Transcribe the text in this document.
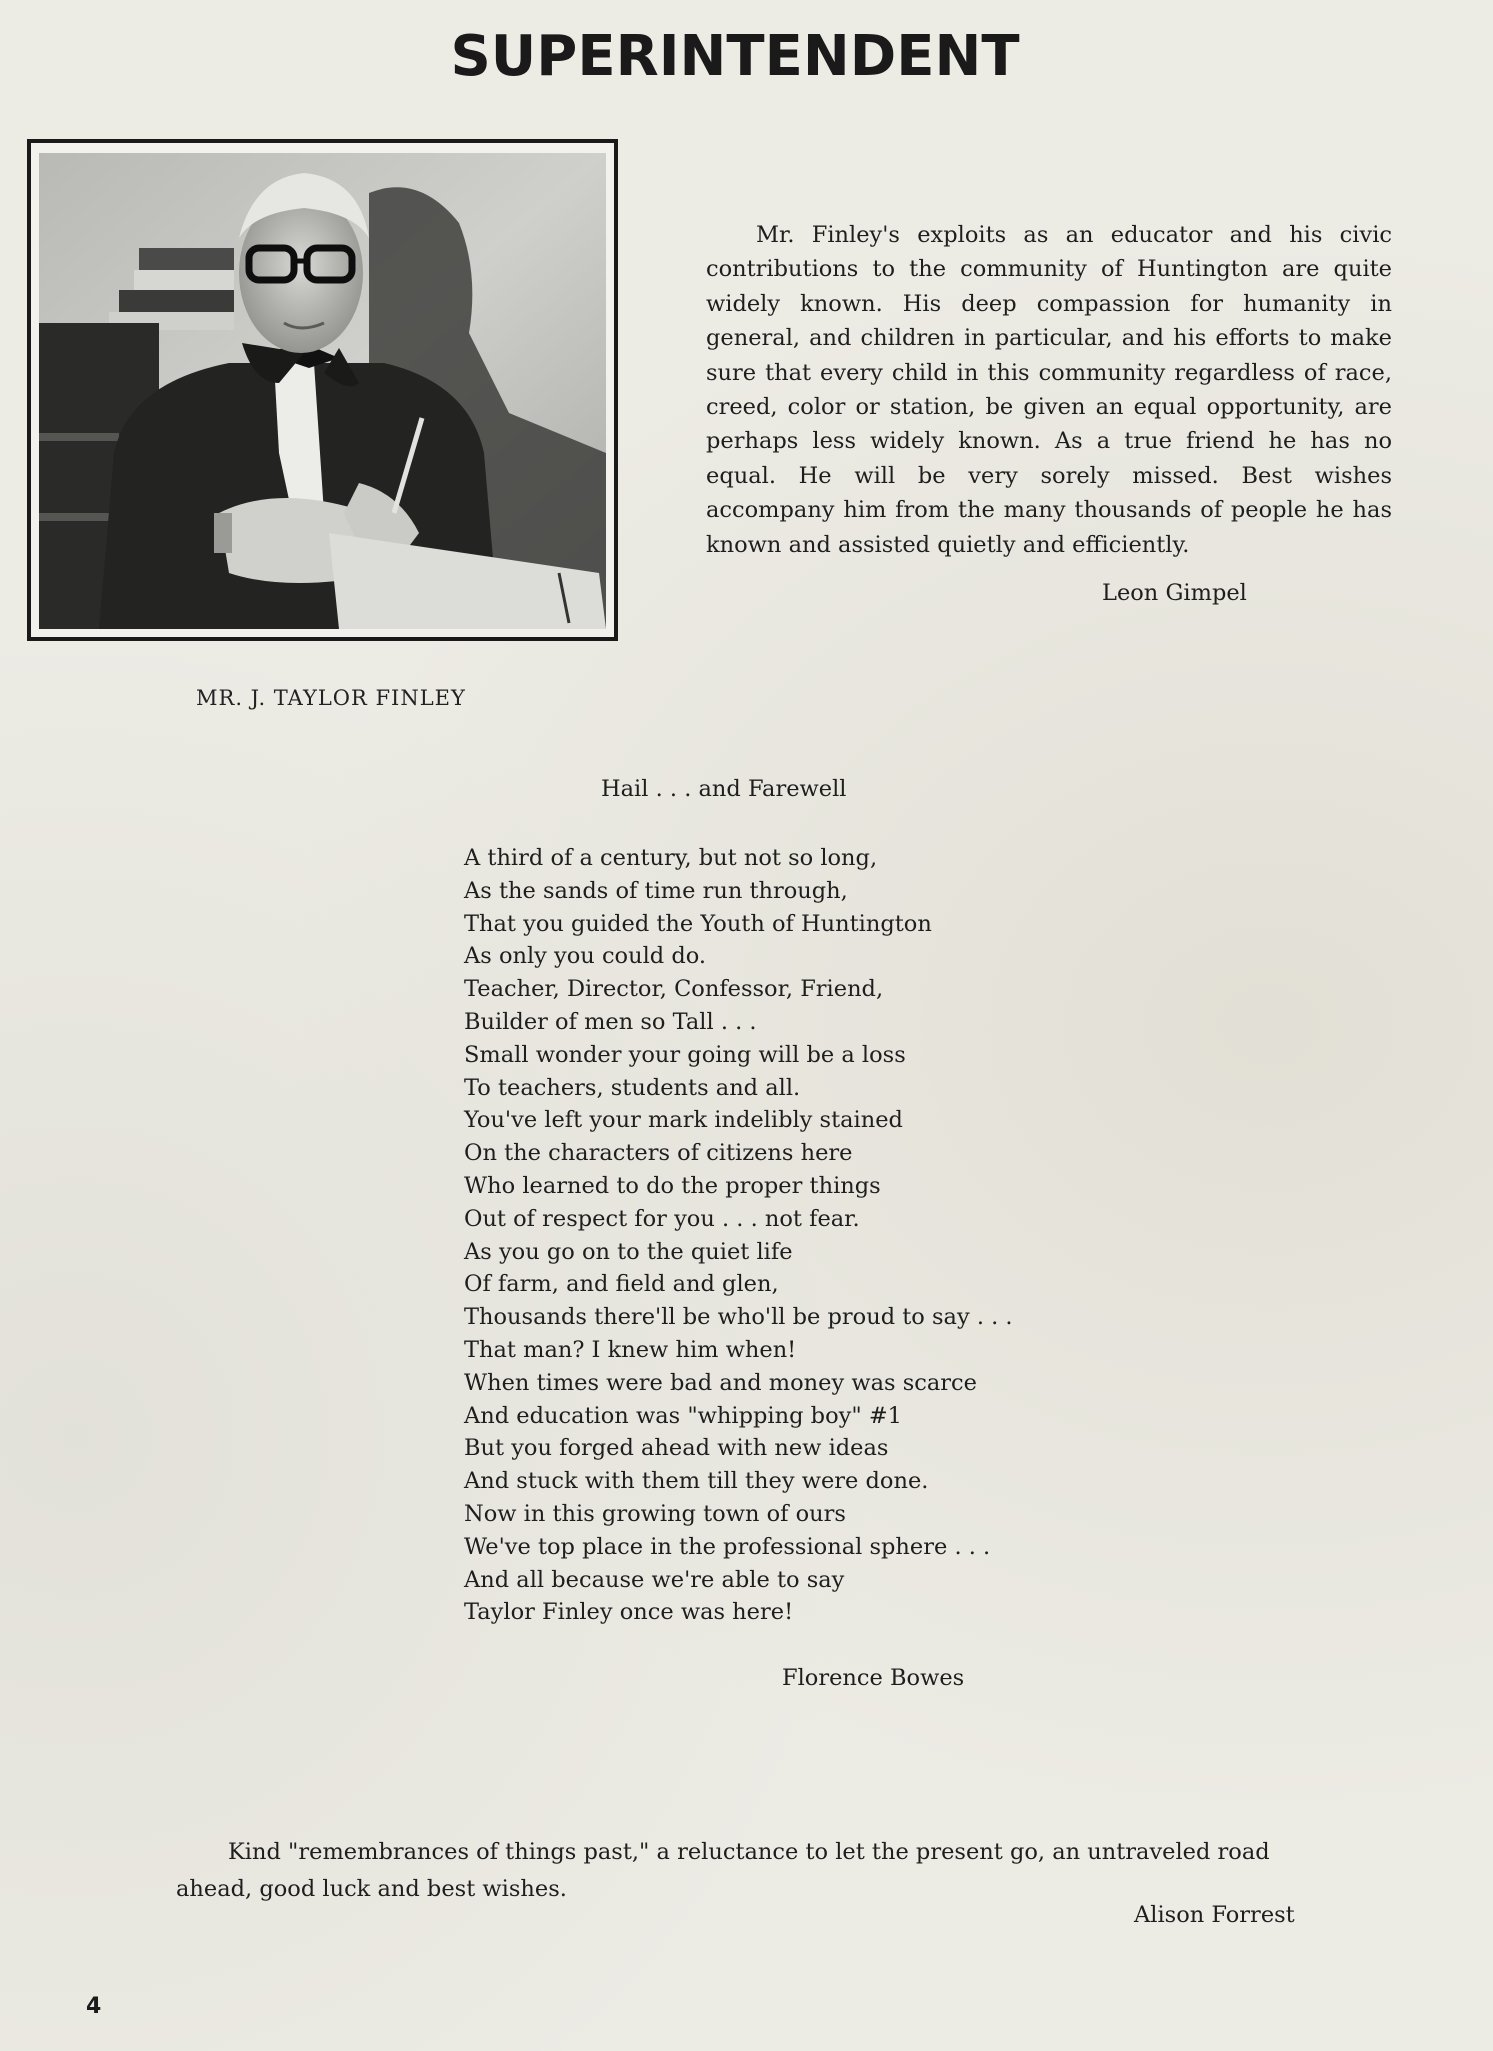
SUPERINTENDENT
MR. J. TAYLOR FINLEY

Mr. Finley's exploits as an educator and his civic contributions to the community of Huntington are quite widely known. His deep compassion for humanity in general, and children in particular, and his efforts to make sure that every child in this community regardless of race, creed, color or station, be given an equal opportunity, are perhaps less widely known. As a true friend he has no equal. He will be very sorely missed. Best wishes accompany him from the many thousands of people he has known and assisted quietly and efficiently.

Leon Gimpel
Hail . . . and Farewell
A third of a century, but not so long,
As the sands of time run through,
That you guided the Youth of Huntington
As only you could do.
Teacher, Director, Confessor, Friend,
Builder of men so Tall . . .
Small wonder your going will be a loss
To teachers, students and all.
You've left your mark indelibly stained
On the characters of citizens here
Who learned to do the proper things
Out of respect for you . . . not fear.
As you go on to the quiet life
Of farm, and field and glen,
Thousands there'll be who'll be proud to say . . .
That man? I knew him when!
When times were bad and money was scarce
And education was "whipping boy" #1
But you forged ahead with new ideas
And stuck with them till they were done.
Now in this growing town of ours
We've top place in the professional sphere . . .
And all because we're able to say
Taylor Finley once was here!
Florence Bowes

Kind "remembrances of things past," a reluctance to let the present go, an untraveled road ahead, good luck and best wishes.

Alison Forrest
4
